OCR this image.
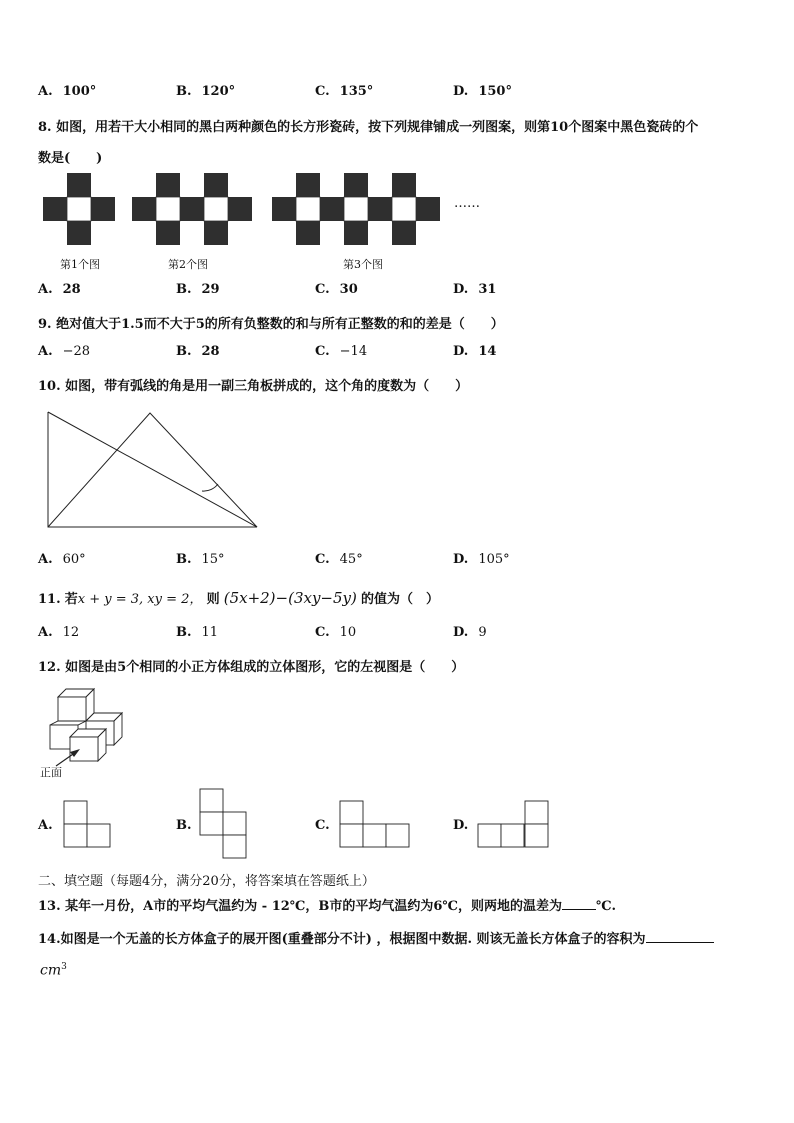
A. 100°	B. 120°	C. 135°	D. 150°
8. 如图，用若干大小相同的黑白两种颜色的长方形瓷砖，按下列规律铺成一列图案，则第10个图案中黑色瓷砖的个
数是(　　)
……
第1个图	第2个图	第3个图
A. 28	B. 29	C. 30	D. 31
9. 绝对值大于1.5而不大于5的所有负整数的和与所有正整数的和的差是（　　）
A. −28	B. 28	C. −14	D. 14
10. 如图，带有弧线的角是用一副三角板拼成的，这个角的度数为（　　）
A. 60°	B. 15°	C. 45°	D. 105°
11. 若x + y = 3, xy = 2， 则 (5x+2)−(3xy−5y) 的值为（　）
A. 12	B. 11	C. 10	D. 9
12. 如图是由5个相同的小正方体组成的立体图形，它的左视图是（　　）
正面
A.	B.	C.	D.
二、填空题（每题4分，满分20分，将答案填在答题纸上）
13. 某年一月份，A市的平均气温约为 - 12℃，B市的平均气温约为6℃，则两地的温差为	℃.
14.如图是一个无盖的长方体盒子的展开图(重叠部分不计) ，根据图中数据. 则该无盖长方体盒子的容积为
$cm^3$
